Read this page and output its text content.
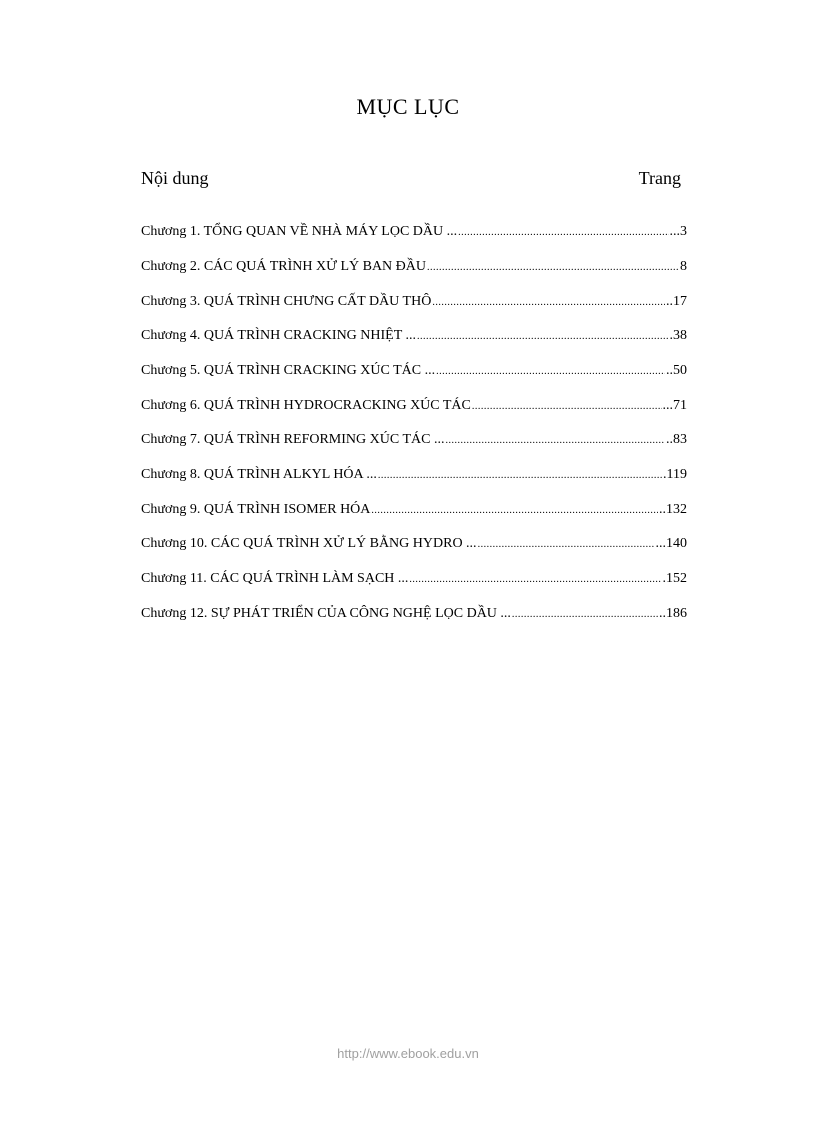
MỤC LỤC
Nội dung	Trang
Chương 1. TỔNG QUAN VỀ NHÀ MÁY LỌC DẦU ... .....	...3
Chương 2. CÁC QUÁ TRÌNH XỬ LÝ BAN ĐẦU .....	8
Chương 3. QUÁ TRÌNH CHƯNG CẤT DẦU THÔ .....	..17
Chương 4. QUÁ TRÌNH CRACKING NHIỆT ... .....	.38
Chương 5. QUÁ TRÌNH CRACKING XÚC TÁC ... .....	..50
Chương 6. QUÁ TRÌNH HYDROCRACKING XÚC TÁC .....	...71
Chương 7. QUÁ TRÌNH REFORMING XÚC TÁC ... .....	..83
Chương 8. QUÁ TRÌNH ALKYL HÓA ... .....	.119
Chương 9. QUÁ TRÌNH ISOMER HÓA .....	..132
Chương 10. CÁC QUÁ TRÌNH XỬ LÝ BẰNG HYDRO ... .....	...140
Chương 11. CÁC QUÁ TRÌNH LÀM SẠCH ... .....	.152
Chương 12. SỰ PHÁT TRIỂN CỦA CÔNG NGHỆ LỌC DẦU ... .....	..186
http://www.ebook.edu.vn
